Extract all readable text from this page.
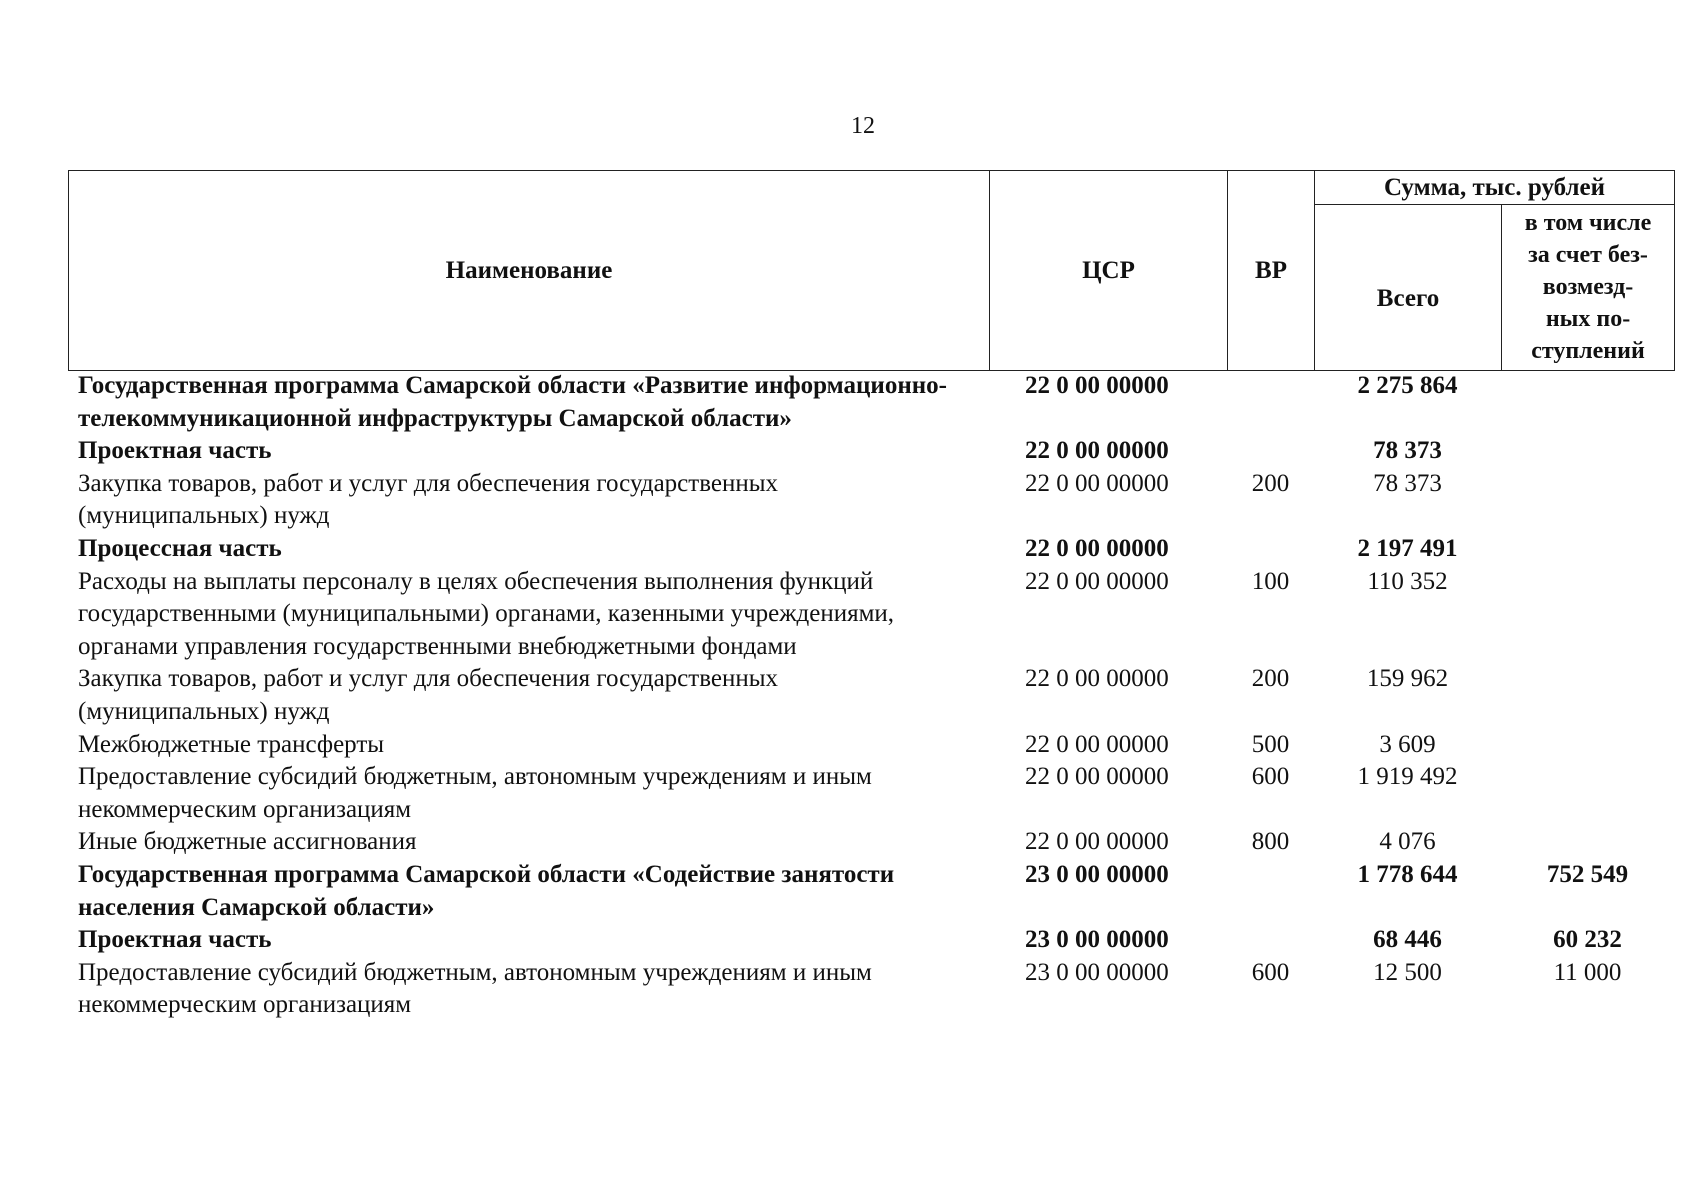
12
Наименование	ЦСР	ВР	Сумма, тыс. рублей	
			Всего	в том числе
за счет без-
возмезд-
ных по-
ступлений
Государственная программа Самарской области «Развитие информационно-телекоммуникационной инфраструктуры Самарской области»	22 0 00 00000		2 275 864	
Проектная часть	22 0 00 00000		78 373	
Закупка товаров, работ и услуг для обеспечения государственных (муниципальных) нужд	22 0 00 00000	200	78 373	
Процессная часть	22 0 00 00000		2 197 491	
Расходы на выплаты персоналу в целях обеспечения выполнения функций государственными (муниципальными) органами, казенными учреждениями, органами управления государственными внебюджетными фондами	22 0 00 00000	100	110 352	
Закупка товаров, работ и услуг для обеспечения государственных (муниципальных) нужд	22 0 00 00000	200	159 962	
Межбюджетные трансферты	22 0 00 00000	500	3 609	
Предоставление субсидий бюджетным, автономным учреждениям и иным некоммерческим организациям	22 0 00 00000	600	1 919 492	
Иные бюджетные ассигнования	22 0 00 00000	800	4 076	
Государственная программа Самарской области «Содействие занятости населения Самарской области»	23 0 00 00000		1 778 644	752 549
Проектная часть	23 0 00 00000		68 446	60 232
Предоставление субсидий бюджетным, автономным учреждениям и иным некоммерческим организациям	23 0 00 00000	600	12 500	11 000
